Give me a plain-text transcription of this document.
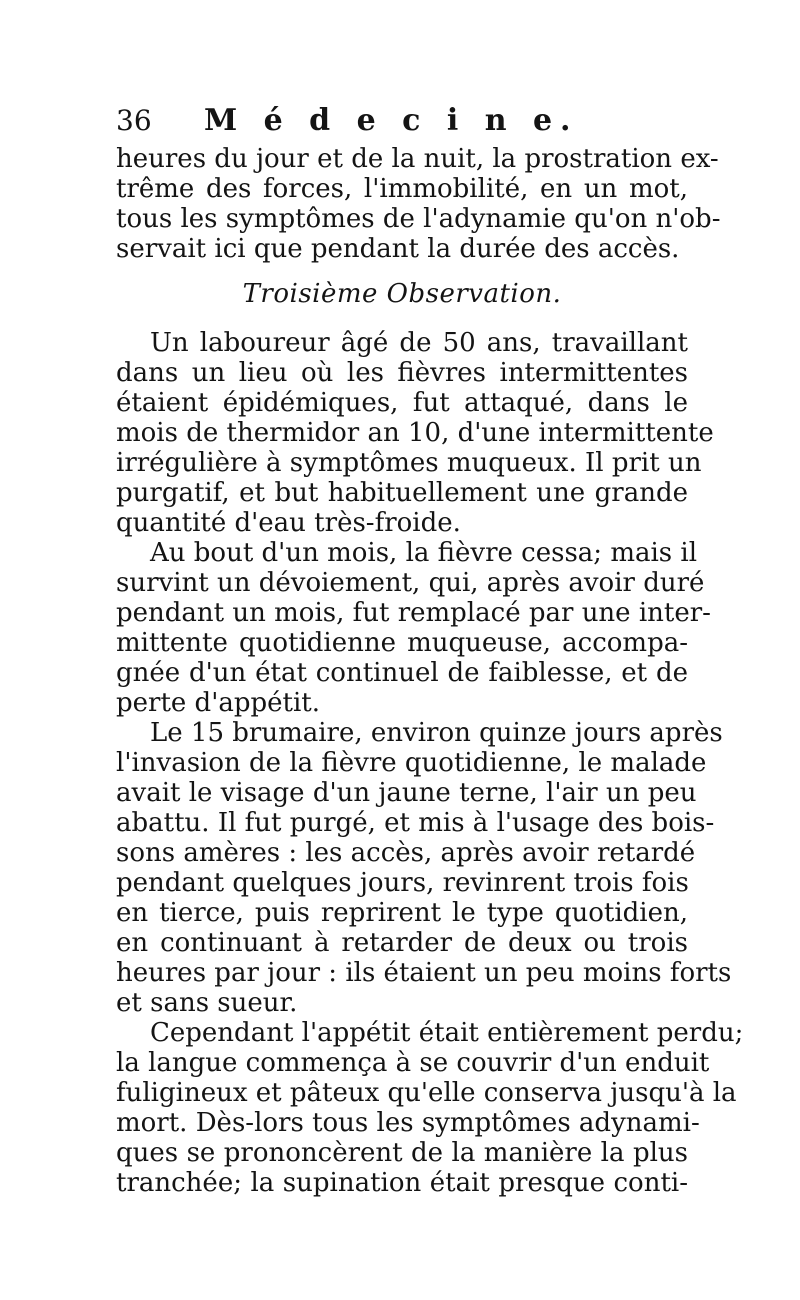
36	M é d e c i n e.
heures du jour et de la nuit, la prostration ex-
trême des forces, l'immobilité, en un mot,
tous les symptômes de l'adynamie qu'on n'ob-
servait ici que pendant la durée des accès.
Troisième Observation.
Un laboureur âgé de 50 ans, travaillant
dans un lieu où les fièvres intermittentes
étaient épidémiques, fut attaqué, dans le
mois de thermidor an 10, d'une intermittente
irrégulière à symptômes muqueux. Il prit un
purgatif, et but habituellement une grande
quantité d'eau très-froide.
Au bout d'un mois, la fièvre cessa; mais il
survint un dévoiement, qui, après avoir duré
pendant un mois, fut remplacé par une inter-
mittente quotidienne muqueuse, accompa-
gnée d'un état continuel de faiblesse, et de
perte d'appétit.
Le 15 brumaire, environ quinze jours après
l'invasion de la fièvre quotidienne, le malade
avait le visage d'un jaune terne, l'air un peu
abattu. Il fut purgé, et mis à l'usage des bois-
sons amères : les accès, après avoir retardé
pendant quelques jours, revinrent trois fois
en tierce, puis reprirent le type quotidien,
en continuant à retarder de deux ou trois
heures par jour : ils étaient un peu moins forts
et sans sueur.
Cependant l'appétit était entièrement perdu;
la langue commença à se couvrir d'un enduit
fuligineux et pâteux qu'elle conserva jusqu'à la
mort. Dès-lors tous les symptômes adynami-
ques se prononcèrent de la manière la plus
tranchée; la supination était presque conti-
